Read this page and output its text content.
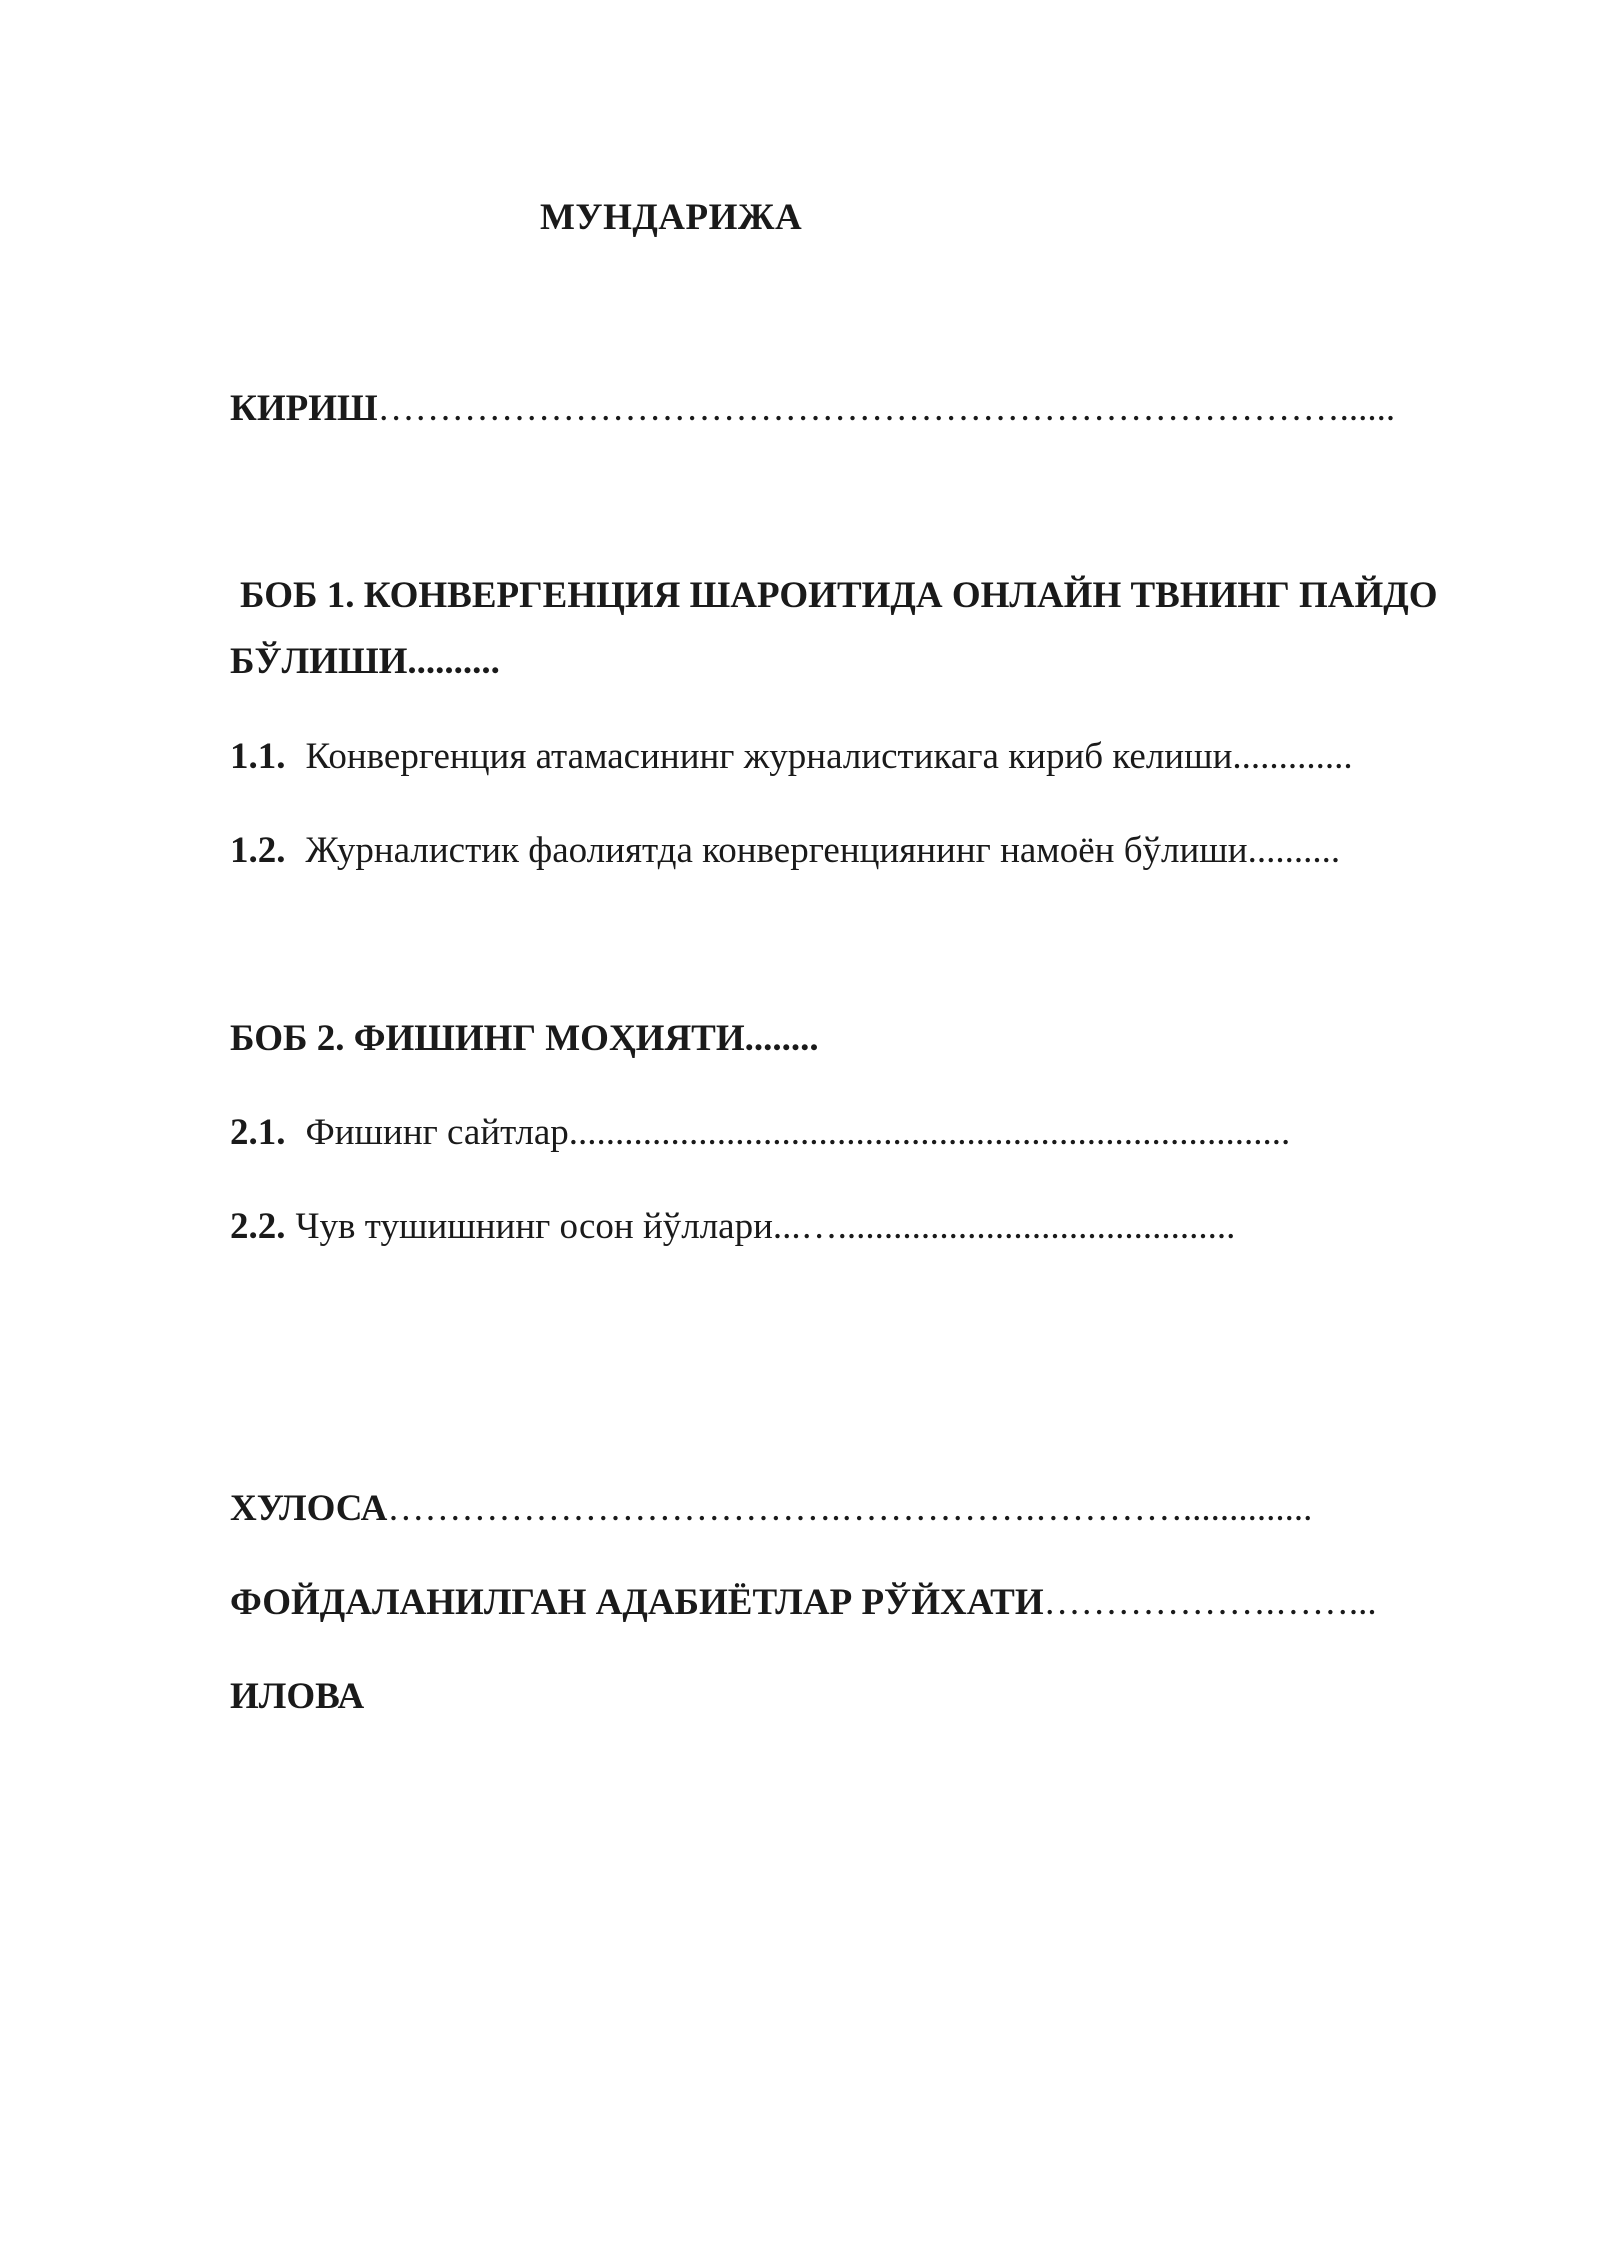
МУНДАРИЖА
КИРИШ……………………………………………………………………......
БОБ 1. КОНВЕРГЕНЦИЯ ШАРОИТИДА ОНЛАЙН ТВНИНГ ПАЙДО
БЎЛИШИ..........
1.1. Конвергенция атамасининг журналистикага кириб келиши.............
1.2. Журналистик фаолиятда конвергенциянинг намоён бўлиши..........
БОБ 2. ФИШИНГ МОҲИЯТИ........
2.1. Фишинг сайтлар..............................................................................
2.2. Чув тушишнинг осон йўллари...…...........................................
ХУЛОСА……………………………….…………….…………..............
ФОЙДАЛАНИЛГАН АДАБИЁТЛАР РЎЙХАТИ……………….……...
ИЛОВА
